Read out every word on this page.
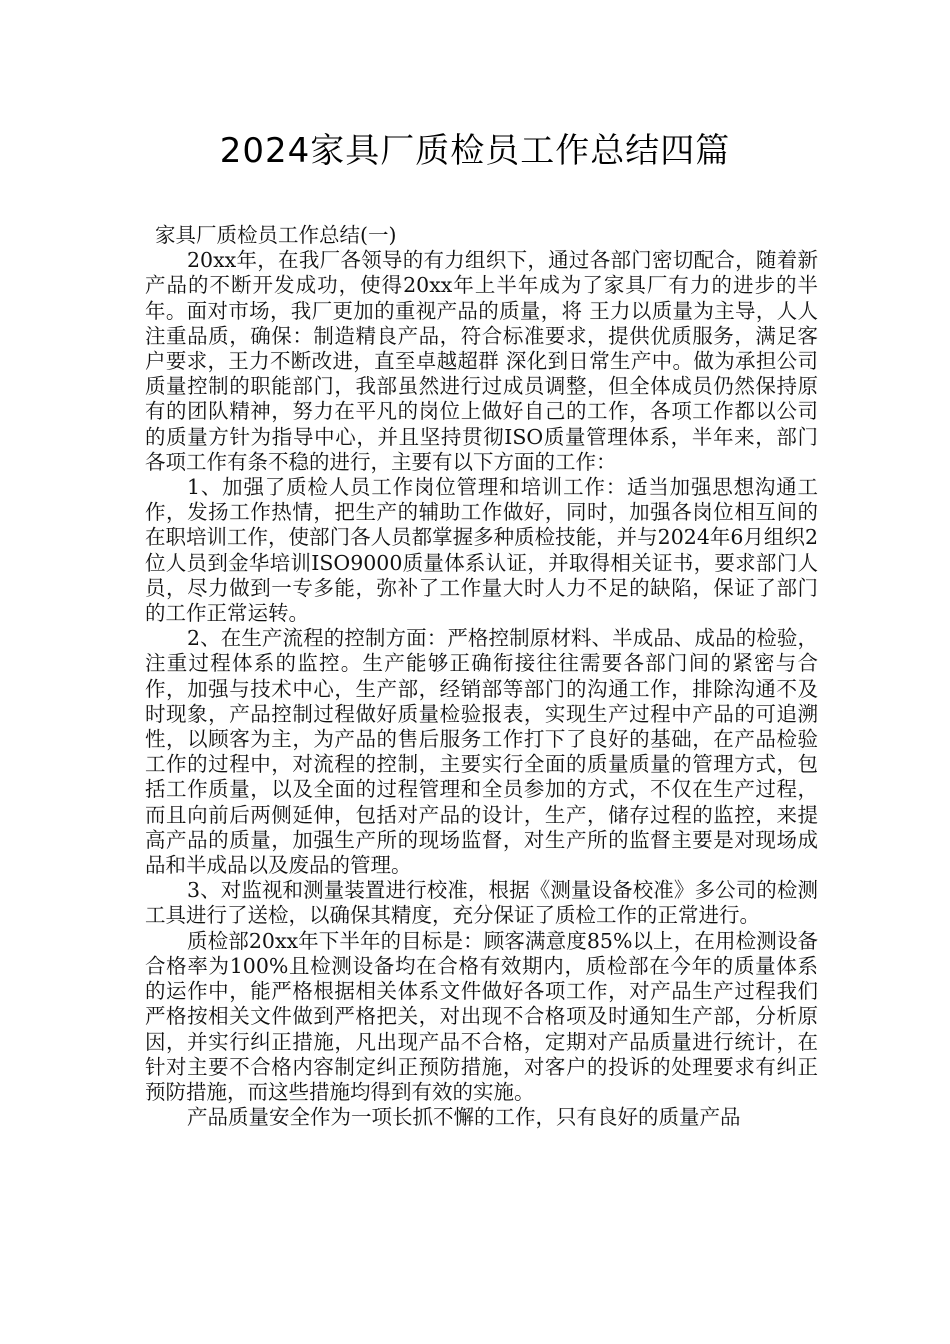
2024家具厂质检员工作总结四篇

家具厂质检员工作总结(一)

20xx年，在我厂各领导的有力组织下，通过各部门密切配合，随着新产品的不断开发成功，使得20xx年上半年成为了家具厂有力的进步的半年。面对市场，我厂更加的重视产品的质量，将 王力以质量为主导，人人注重品质，确保：制造精良产品，符合标准要求，提供优质服务，满足客户要求，王力不断改进，直至卓越超群 深化到日常生产中。做为承担公司质量控制的职能部门，我部虽然进行过成员调整，但全体成员仍然保持原有的团队精神，努力在平凡的岗位上做好自己的工作，各项工作都以公司的质量方针为指导中心，并且坚持贯彻ISO质量管理体系，半年来，部门各项工作有条不稳的进行，主要有以下方面的工作：

1、加强了质检人员工作岗位管理和培训工作：适当加强思想沟通工作，发扬工作热情，把生产的辅助工作做好，同时，加强各岗位相互间的在职培训工作，使部门各人员都掌握多种质检技能，并与2024年6月组织2位人员到金华培训ISO9000质量体系认证，并取得相关证书，要求部门人员，尽力做到一专多能，弥补了工作量大时人力不足的缺陷，保证了部门的工作正常运转。

2、在生产流程的控制方面：严格控制原材料、半成品、成品的检验，注重过程体系的监控。生产能够正确衔接往往需要各部门间的紧密与合作，加强与技术中心，生产部，经销部等部门的沟通工作，排除沟通不及时现象，产品控制过程做好质量检验报表，实现生产过程中产品的可追溯性，以顾客为主，为产品的售后服务工作打下了良好的基础，在产品检验工作的过程中，对流程的控制，主要实行全面的质量质量的管理方式，包括工作质量，以及全面的过程管理和全员参加的方式，不仅在生产过程，而且向前后两侧延伸，包括对产品的设计，生产，储存过程的监控，来提高产品的质量，加强生产所的现场监督，对生产所的监督主要是对现场成品和半成品以及废品的管理。

3、对监视和测量装置进行校准，根据《测量设备校准》多公司的检测工具进行了送检，以确保其精度，充分保证了质检工作的正常进行。

质检部20xx年下半年的目标是：顾客满意度85%以上，在用检测设备合格率为100%且检测设备均在合格有效期内，质检部在今年的质量体系的运作中，能严格根据相关体系文件做好各项工作，对产品生产过程我们严格按相关文件做到严格把关，对出现不合格项及时通知生产部，分析原因，并实行纠正措施，凡出现产品不合格，定期对产品质量进行统计，在针对主要不合格内容制定纠正预防措施，对客户的投诉的处理要求有纠正预防措施，而这些措施均得到有效的实施。

产品质量安全作为一项长抓不懈的工作，只有良好的质量产品
